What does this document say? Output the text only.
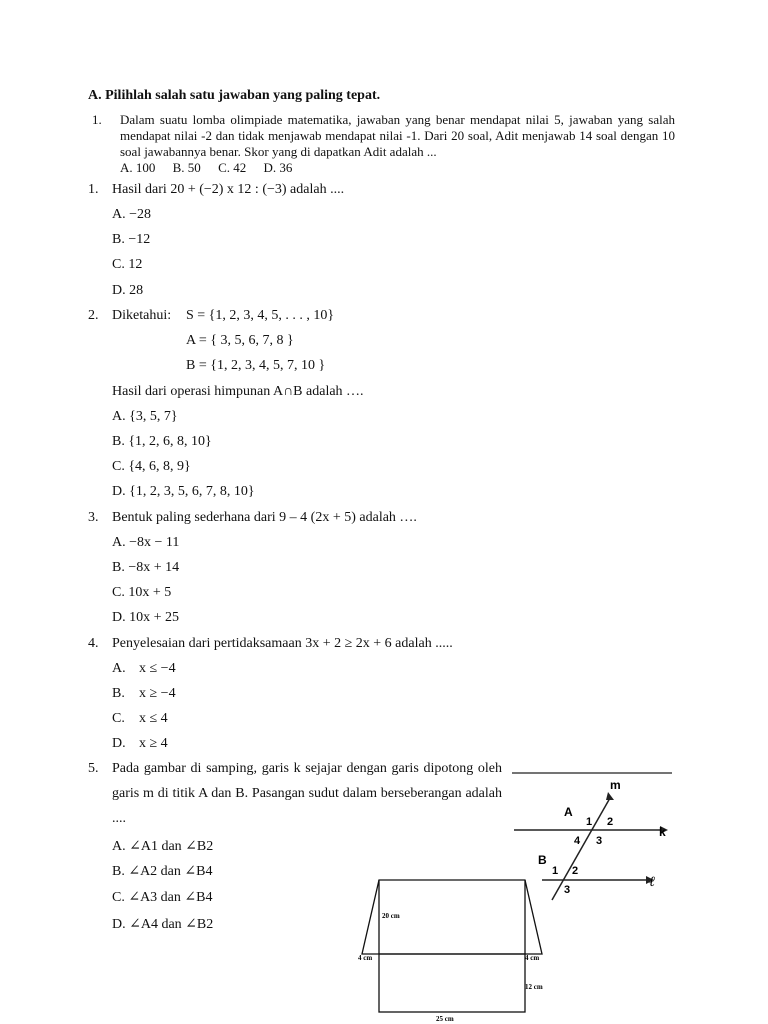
A. Pilihlah salah satu jawaban yang paling tepat.
1. Dalam suatu lomba olimpiade matematika, jawaban yang benar mendapat nilai 5, jawaban yang salah mendapat nilai -2 dan tidak menjawab mendapat nilai -1. Dari 20 soal, Adit menjawab 14 soal dengan 10 soal jawabannya benar. Skor yang di dapatkan Adit adalah ...
A. 100 B. 50 C. 42 D. 36
1. Hasil dari 20 + (−2) x 12 : (−3) adalah ....
A. −28
B. −12
C. 12
D. 28
2. Diketahui: S = {1, 2, 3, 4, 5, . . . , 10}
A = { 3, 5, 6, 7, 8 }
B = {1, 2, 3, 4, 5, 7, 10 }
Hasil dari operasi himpunan A∩B adalah ….
A. {3, 5, 7}
B. {1, 2, 6, 8, 10}
C. {4, 6, 8, 9}
D. {1, 2, 3, 5, 6, 7, 8, 10}
3. Bentuk paling sederhana dari 9 – 4 (2x + 5) adalah ….
A. −8x − 11
B. −8x + 14
C. 10x + 5
D. 10x + 25
4. Penyelesaian dari pertidaksamaan 3x + 2 ≥ 2x + 6 adalah .....
A. x ≤ −4
B. x ≥ −4
C. x ≤ 4
D. x ≥ 4
5. Pada gambar di samping, garis k sejajar dengan garis dipotong oleh garis m di titik A dan B. Pasangan sudut dalam berseberangan adalah ....
A. ∠A1 dan ∠B2
B. ∠A2 dan ∠B4
C. ∠A3 dan ∠B4
D. ∠A4 dan ∠B2
m
k
ℓ
A
B
1 2
3
4
1 2
3
20 cm
4 cm	4 cm
12 cm
25 cm
